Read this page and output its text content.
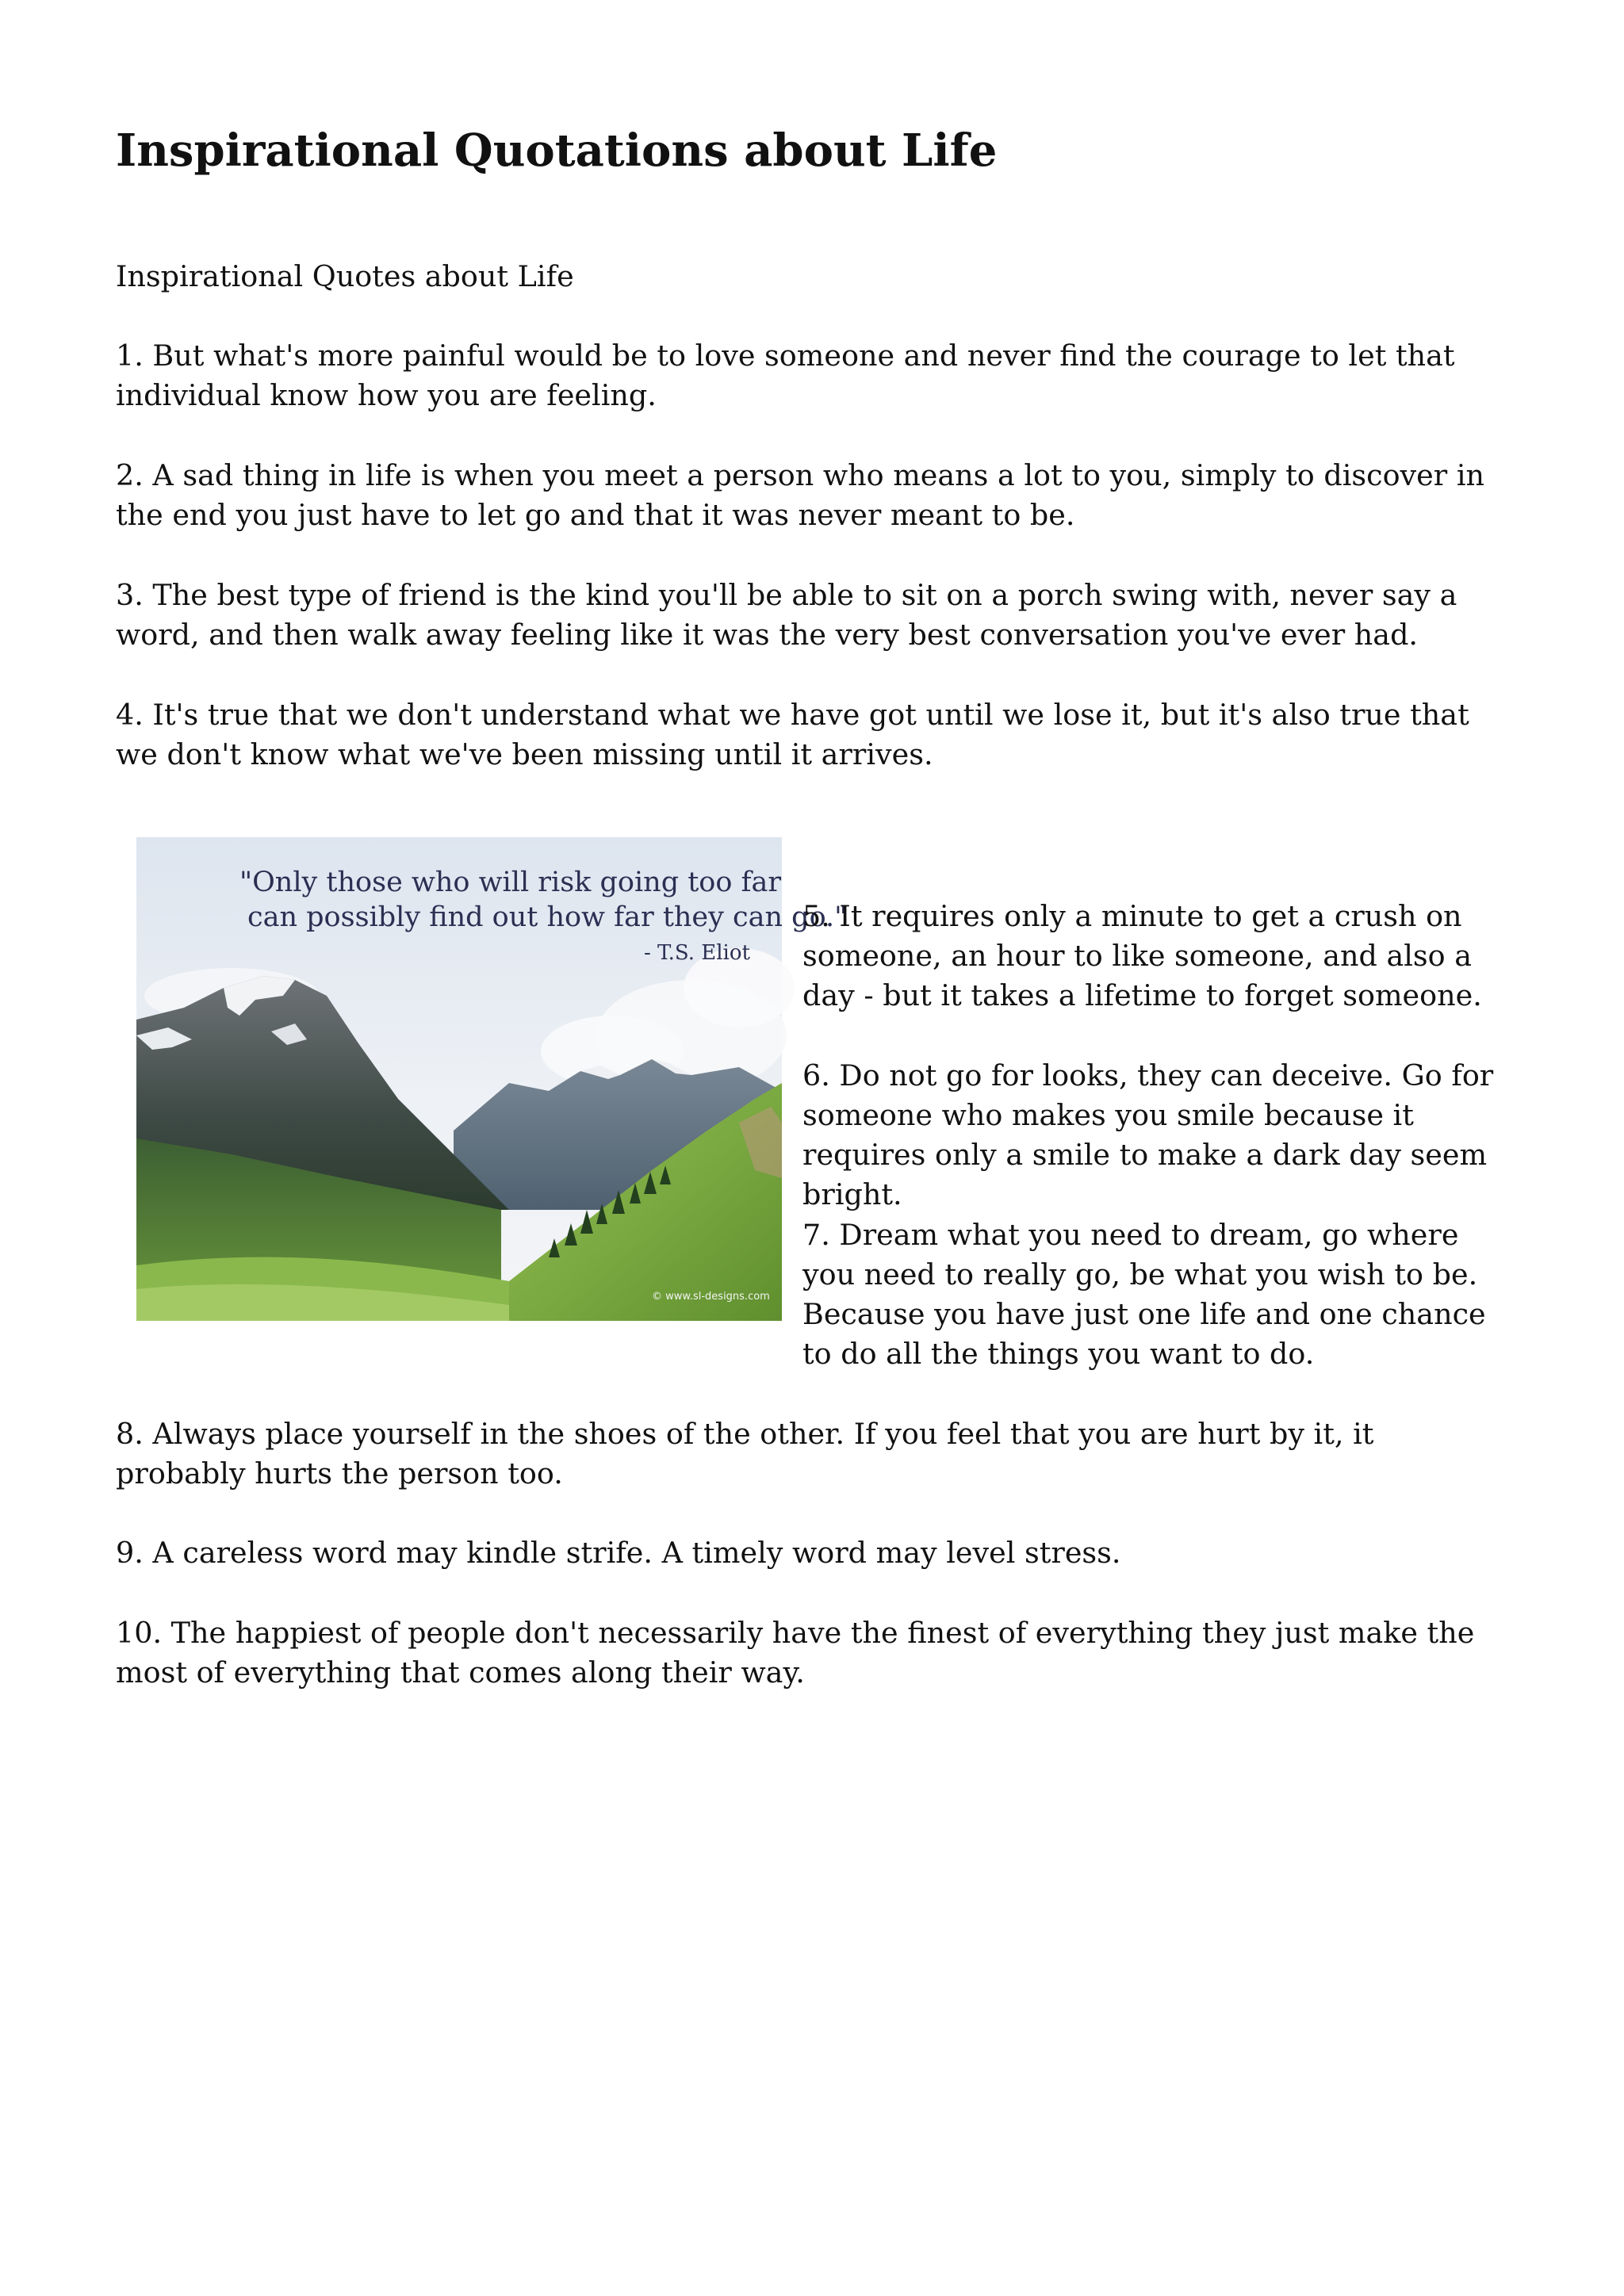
Inspirational Quotations about Life

Inspirational Quotes about Life

1. But what's more painful would be to love someone and never find the courage to let that individual know how you are feeling.

2. A sad thing in life is when you meet a person who means a lot to you, simply to discover in the end you just have to let go and that it was never meant to be.

3. The best type of friend is the kind you'll be able to sit on a porch swing with, never say a word, and then walk away feeling like it was the very best conversation you've ever had.

4. It's true that we don't understand what we have got until we lose it, but it's also true that we don't know what we've been missing until it arrives.

"Only those who will risk going too far
can possibly find out how far they can go."
- T.S. Eliot
© www.sl-designs.com

5. It requires only a minute to get a crush on someone, an hour to like someone, and also a day - but it takes a lifetime to forget someone.

6. Do not go for looks, they can deceive. Go for someone who makes you smile because it requires only a smile to make a dark day seem bright.

7. Dream what you need to dream, go where you need to really go, be what you wish to be. Because you have just one life and one chance to do all the things you want to do.

8. Always place yourself in the shoes of the other. If you feel that you are hurt by it, it probably hurts the person too.

9. A careless word may kindle strife. A timely word may level stress.

10. The happiest of people don't necessarily have the finest of everything they just make the most of everything that comes along their way.
